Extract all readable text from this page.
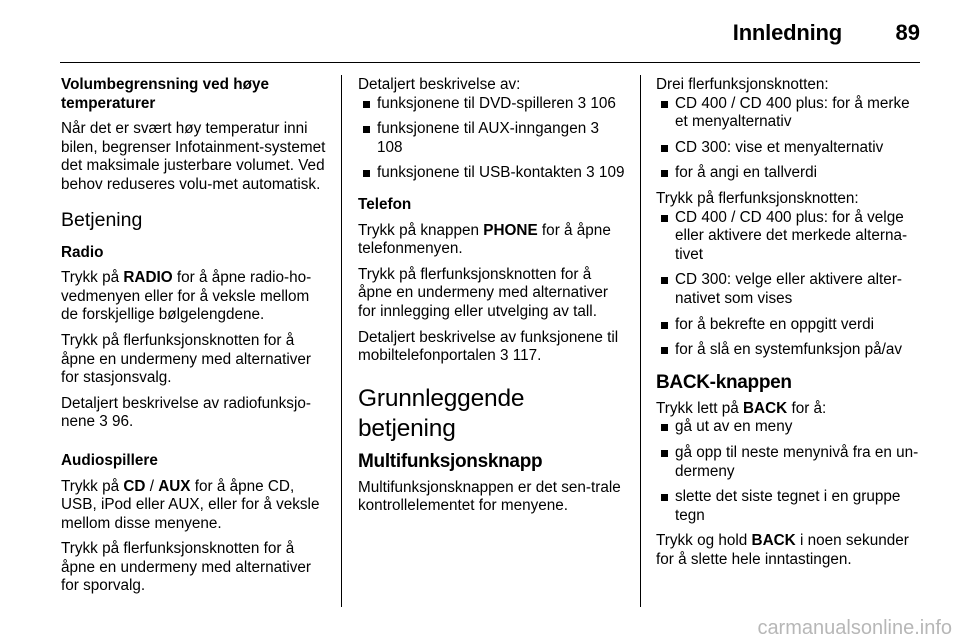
Innledning 89

Volumbegrensning ved høye temperaturer

Når det er svært høy temperatur inni bilen, begrenser Infotainment-systemet det maksimale justerbare volumet. Ved behov reduseres volu-met automatisk.

Betjening

Radio

Trykk på RADIO for å åpne radio-ho-vedmenyen eller for å veksle mellom de forskjellige bølgelengdene.

Trykk på flerfunksjonsknotten for å åpne en undermeny med alternativer for stasjonsvalg.

Detaljert beskrivelse av radiofunksjo-nene 3 96.

Audiospillere

Trykk på CD / AUX for å åpne CD, USB, iPod eller AUX, eller for å veksle mellom disse menyene.

Trykk på flerfunksjonsknotten for å åpne en undermeny med alternativer for sporvalg.

Detaljert beskrivelse av:

funksjonene til DVD-spilleren 3 106
funksjonene til AUX-inngangen 3 108
funksjonene til USB-kontakten 3 109

Telefon

Trykk på knappen PHONE for å åpne telefonmenyen.

Trykk på flerfunksjonsknotten for å åpne en undermeny med alternativer for innlegging eller utvelging av tall.

Detaljert beskrivelse av funksjonene til mobiltelefonportalen 3 117.

Grunnleggende betjening

Multifunksjonsknapp

Multifunksjonsknappen er det sen-trale kontrollelementet for menyene.

Drei flerfunksjonsknotten:

CD 400 / CD 400 plus: for å merke et menyalternativ
CD 300: vise et menyalternativ
for å angi en tallverdi

Trykk på flerfunksjonsknotten:

CD 400 / CD 400 plus: for å velge eller aktivere det merkede alterna-tivet
CD 300: velge eller aktivere alter-nativet som vises
for å bekrefte en oppgitt verdi
for å slå en systemfunksjon på/av

BACK-knappen

Trykk lett på BACK for å:

gå ut av en meny
gå opp til neste menynivå fra en un-dermeny
slette det siste tegnet i en gruppe tegn

Trykk og hold BACK i noen sekunder for å slette hele inntastingen.

carmanualsonline.info
